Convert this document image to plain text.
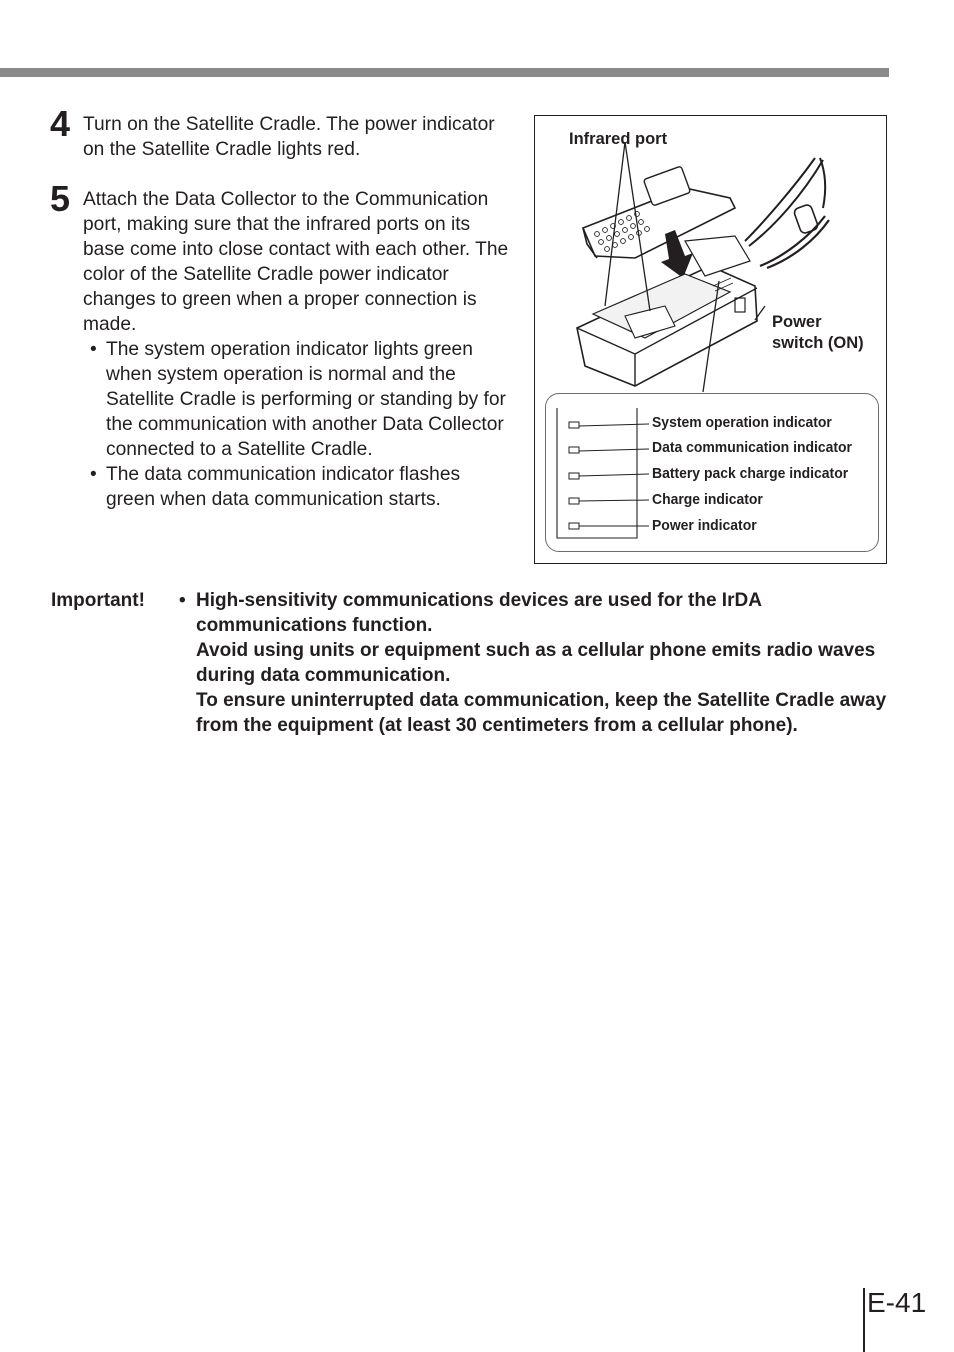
4 Turn on the Satellite Cradle. The power indicator on the Satellite Cradle lights red.
5 Attach the Data Collector to the Communication port, making sure that the infrared ports on its base come into close contact with each other. The color of the Satellite Cradle power indicator changes to green when a proper connection is made.
• The system operation indicator lights green when system operation is normal and the Satellite Cradle is performing or standing by for the communication with another Data Collector connected to a Satellite Cradle.
• The data communication indicator flashes green when data communication starts.
Infrared port
Power
switch (ON)
System operation indicator
Data communication indicator
Battery pack charge indicator
Charge indicator
Power indicator
Important! • High-sensitivity communications devices are used for the IrDA communications function.

Avoid using units or equipment such as a cellular phone emits radio waves during data communication.

To ensure uninterrupted data communication, keep the Satellite Cradle away from the equipment (at least 30 centimeters from a cellular phone).

E-41
